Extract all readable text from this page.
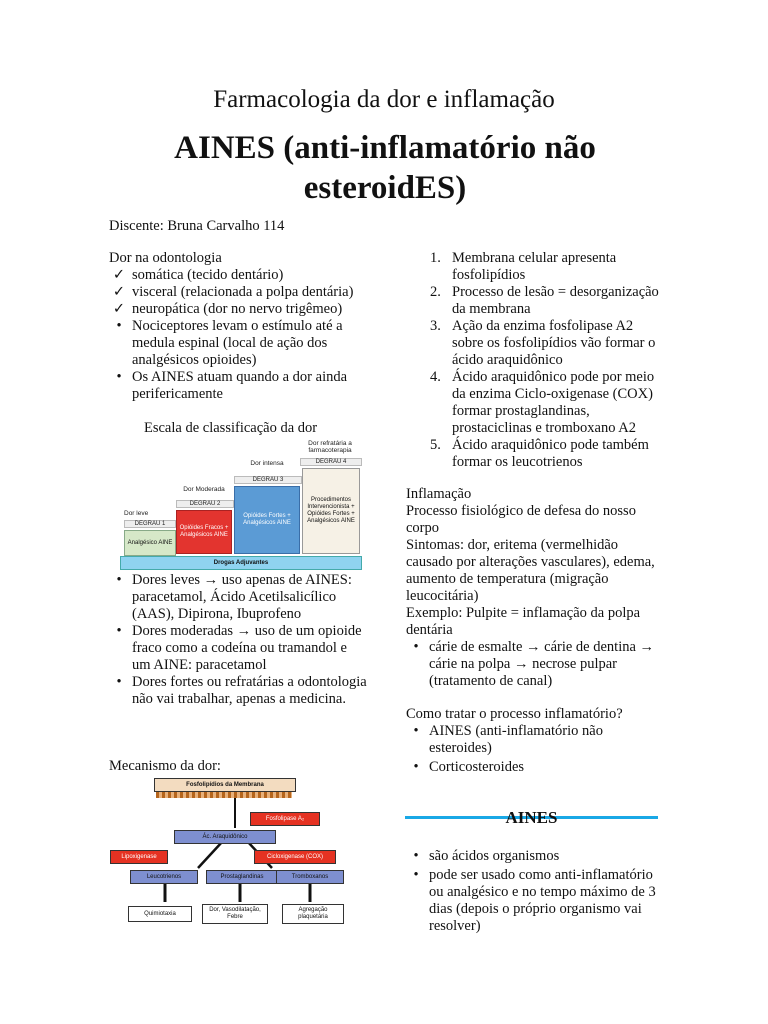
Farmacologia da dor e inflamação
AINES (anti-inflamatório não esteroidES)
Discente: Bruna Carvalho 114
Dor na odontologia
✓ somática (tecido dentário)
✓ visceral (relacionada a polpa dentária)
✓ neuropática (dor no nervo trigêmeo)
• Nociceptores levam o estímulo até a medula espinal (local de ação dos analgésicos opioides)
• Os AINES atuam quando a dor ainda perifericamente
Escala de classificação da dor
Dor refratária a farmacoterapia
DEGRAU 4
Dor intensa
DEGRAU 3
Dor Moderada
DEGRAU 2
Dor leve
DEGRAU 1
Analgésico AINE
Opióides Fracos + Analgésicos AINE
Opióides Fortes + Analgésicos AINE
Procedimentos Intervencionista + Opióides Fortes + Analgésicos AINE
Drogas Adjuvantes
• Dores leves → uso apenas de AINES: paracetamol, Ácido Acetilsalicílico (AAS), Dipirona, Ibuprofeno
• Dores moderadas → uso de um opioide fraco como a codeína ou tramandol e um AINE: paracetamol
• Dores fortes ou refratárias a odontologia não vai trabalhar, apenas a medicina.
Mecanismo da dor:
Fosfolipídios da Membrana
Fosfolipase A₂
Ác. Araquidônico
Lipoxigenase	Cicloxigenase (COX)
Leucotrienos	Prostaglandinas	Tromboxanos
Quimiotaxia
Dor, Vasodilatação, Febre
Agregação plaquetária
1. Membrana celular apresenta fosfolipídios
2. Processo de lesão = desorganização da membrana
3. Ação da enzima fosfolipase A2 sobre os fosfolipídios vão formar o ácido araquidônico
4. Ácido araquidônico pode por meio da enzima Ciclo-oxigenase (COX) formar prostaglandinas, prostaciclinas e tromboxano A2
5. Ácido araquidônico pode também formar os leucotrienos
Inflamação
Processo fisiológico de defesa do nosso corpo
Sintomas: dor, eritema (vermelhidão causado por alterações vasculares), edema, aumento de temperatura (migração leucocitária)
Exemplo: Pulpite = inflamação da polpa dentária
• cárie de esmalte → cárie de dentina → cárie na polpa → necrose pulpar (tratamento de canal)
Como tratar o processo inflamatório?
• AINES (anti-inflamatório não esteroides)
• Corticosteroides
AINES
• são ácidos organismos
• pode ser usado como anti-inflamatório ou analgésico e no tempo máximo de 3 dias (depois o próprio organismo vai resolver)
